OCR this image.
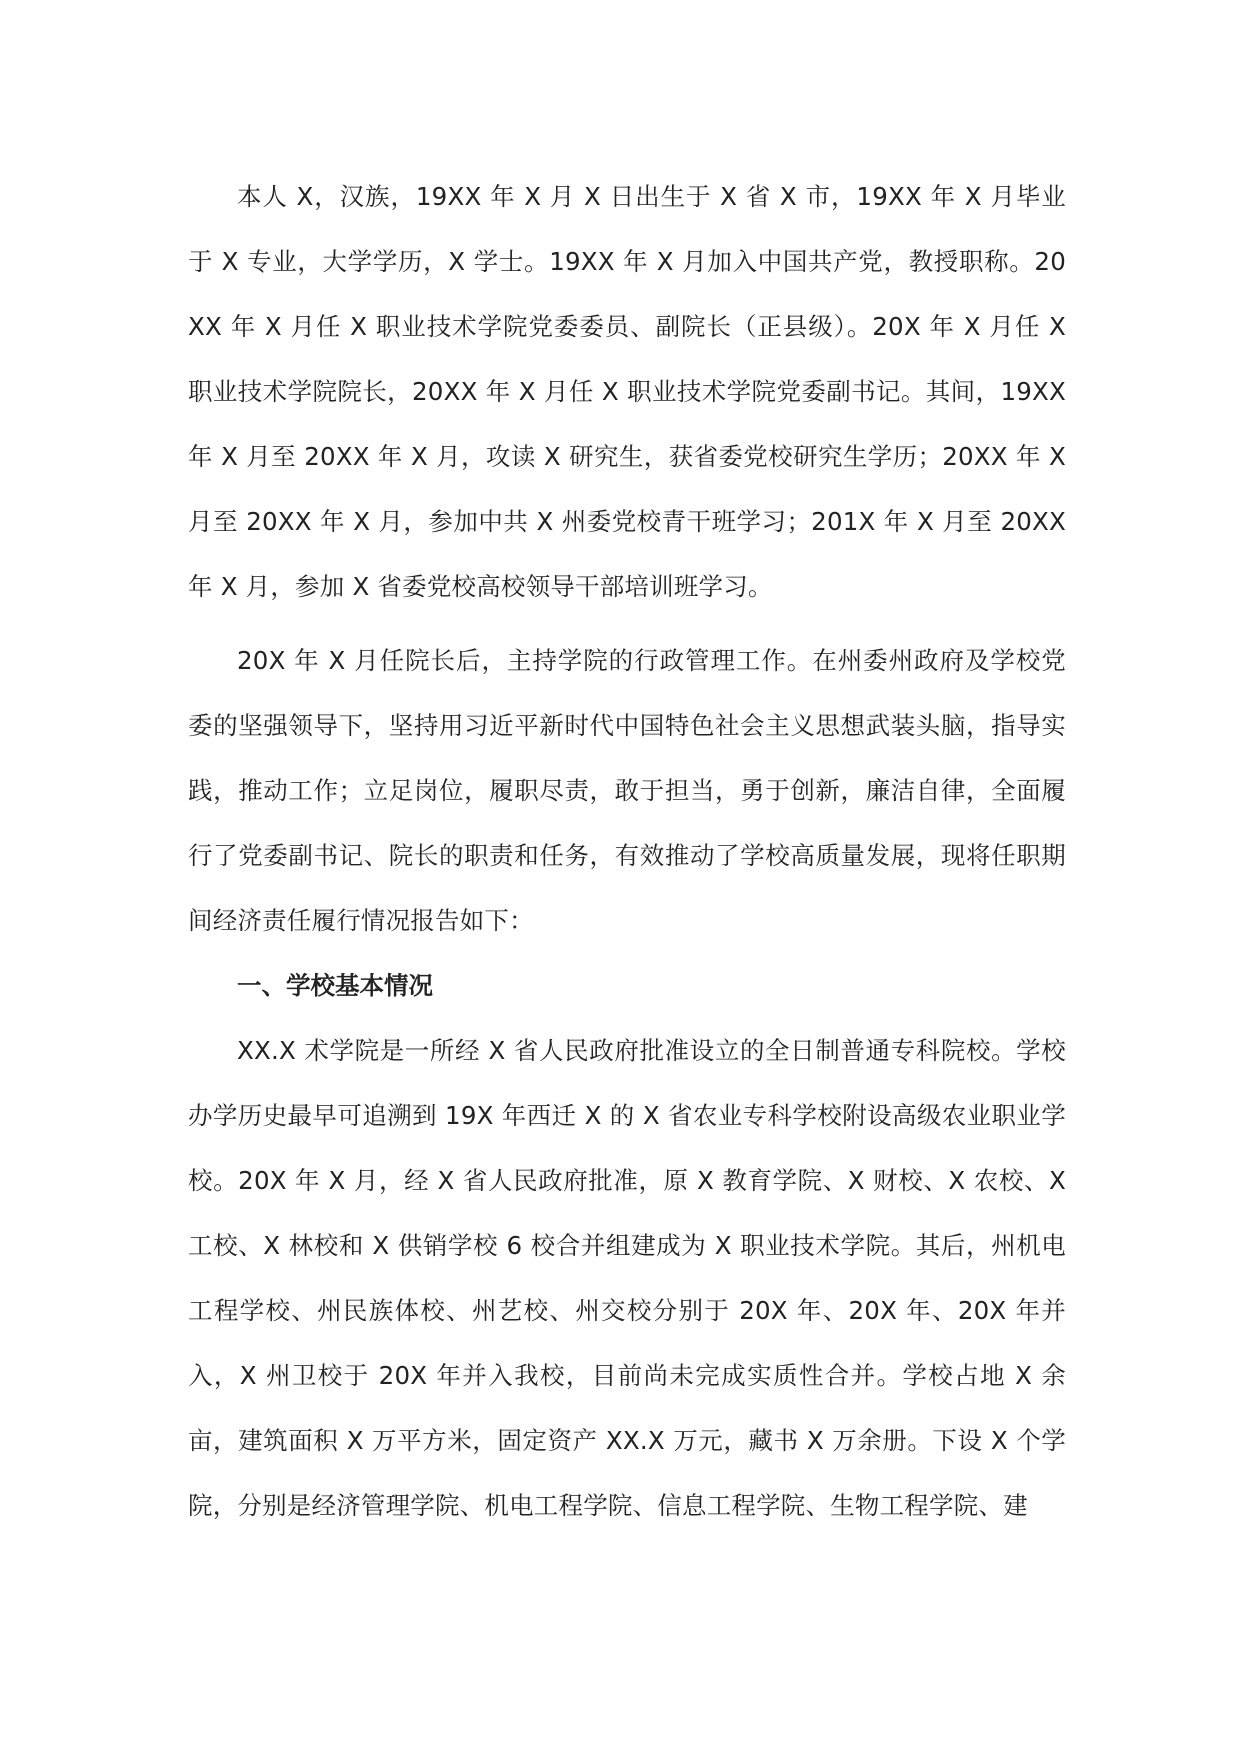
本人 X，汉族，19XX 年 X 月 X 日出生于 X 省 X 市，19XX 年 X 月毕业于 X 专业，大学学历，X 学士。19XX 年 X 月加入中国共产党，教授职称。20XX 年 X 月任 X 职业技术学院党委委员、副院长（正县级）。20X 年 X 月任 X 职业技术学院院长，20XX 年 X 月任 X 职业技术学院党委副书记。其间，19XX 年 X 月至 20XX 年 X 月，攻读 X 研究生，获省委党校研究生学历；20XX 年 X 月至 20XX 年 X 月，参加中共 X 州委党校青干班学习；201X 年 X 月至 20XX 年 X 月，参加 X 省委党校高校领导干部培训班学习。

20X 年 X 月任院长后，主持学院的行政管理工作。在州委州政府及学校党委的坚强领导下，坚持用习近平新时代中国特色社会主义思想武装头脑，指导实践，推动工作；立足岗位，履职尽责，敢于担当，勇于创新，廉洁自律，全面履行了党委副书记、院长的职责和任务，有效推动了学校高质量发展，现将任职期间经济责任履行情况报告如下：

一、学校基本情况

XX.X 术学院是一所经 X 省人民政府批准设立的全日制普通专科院校。学校办学历史最早可追溯到 19X 年西迁 X 的 X 省农业专科学校附设高级农业职业学校。20X 年 X 月，经 X 省人民政府批准，原 X 教育学院、X 财校、X 农校、X 工校、X 林校和 X 供销学校 6 校合并组建成为 X 职业技术学院。其后，州机电工程学校、州民族体校、州艺校、州交校分别于 20X 年、20X 年、20X 年并入，X 州卫校于 20X 年并入我校，目前尚未完成实质性合并。学校占地 X 余亩，建筑面积 X 万平方米，固定资产 XX.X 万元，藏书 X 万余册。下设 X 个学院，分别是经济管理学院、机电工程学院、信息工程学院、生物工程学院、建
